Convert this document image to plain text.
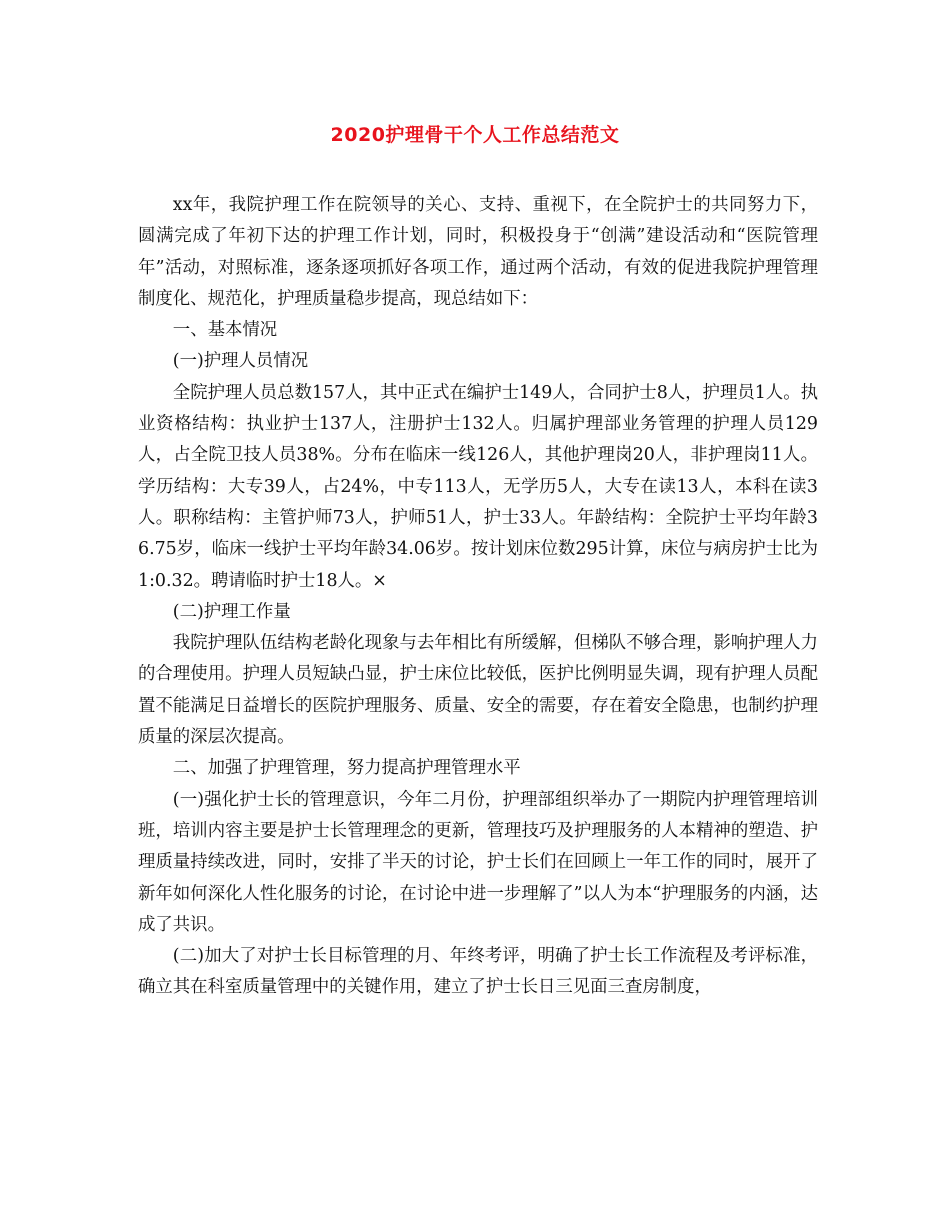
2020护理骨干个人工作总结范文

xx年，我院护理工作在院领导的关心、支持、重视下，在全院护士的共同努力下，圆满完成了年初下达的护理工作计划，同时，积极投身于“创满”建设活动和“医院管理年”活动，对照标准，逐条逐项抓好各项工作，通过两个活动，有效的促进我院护理管理制度化、规范化，护理质量稳步提高，现总结如下：

一、基本情况

(一)护理人员情况

全院护理人员总数157人，其中正式在编护士149人，合同护士8人，护理员1人。执业资格结构：执业护士137人，注册护士132人。归属护理部业务管理的护理人员129人，占全院卫技人员38%。分布在临床一线126人，其他护理岗20人，非护理岗11人。学历结构：大专39人，占24%，中专113人，无学历5人，大专在读13人，本科在读3人。职称结构：主管护师73人，护师51人，护士33人。年龄结构：全院护士平均年龄36.75岁，临床一线护士平均年龄34.06岁。按计划床位数295计算，床位与病房护士比为1:0.32。聘请临时护士18人。×

(二)护理工作量

我院护理队伍结构老龄化现象与去年相比有所缓解，但梯队不够合理，影响护理人力的合理使用。护理人员短缺凸显，护士床位比较低，医护比例明显失调，现有护理人员配置不能满足日益增长的医院护理服务、质量、安全的需要，存在着安全隐患，也制约护理质量的深层次提高。

二、加强了护理管理，努力提高护理管理水平

(一)强化护士长的管理意识，今年二月份，护理部组织举办了一期院内护理管理培训班，培训内容主要是护士长管理理念的更新，管理技巧及护理服务的人本精神的塑造、护理质量持续改进，同时，安排了半天的讨论，护士长们在回顾上一年工作的同时，展开了新年如何深化人性化服务的讨论，在讨论中进一步理解了”以人为本“护理服务的内涵，达成了共识。

(二)加大了对护士长目标管理的月、年终考评，明确了护士长工作流程及考评标准，确立其在科室质量管理中的关键作用，建立了护士长日三见面三查房制度，
